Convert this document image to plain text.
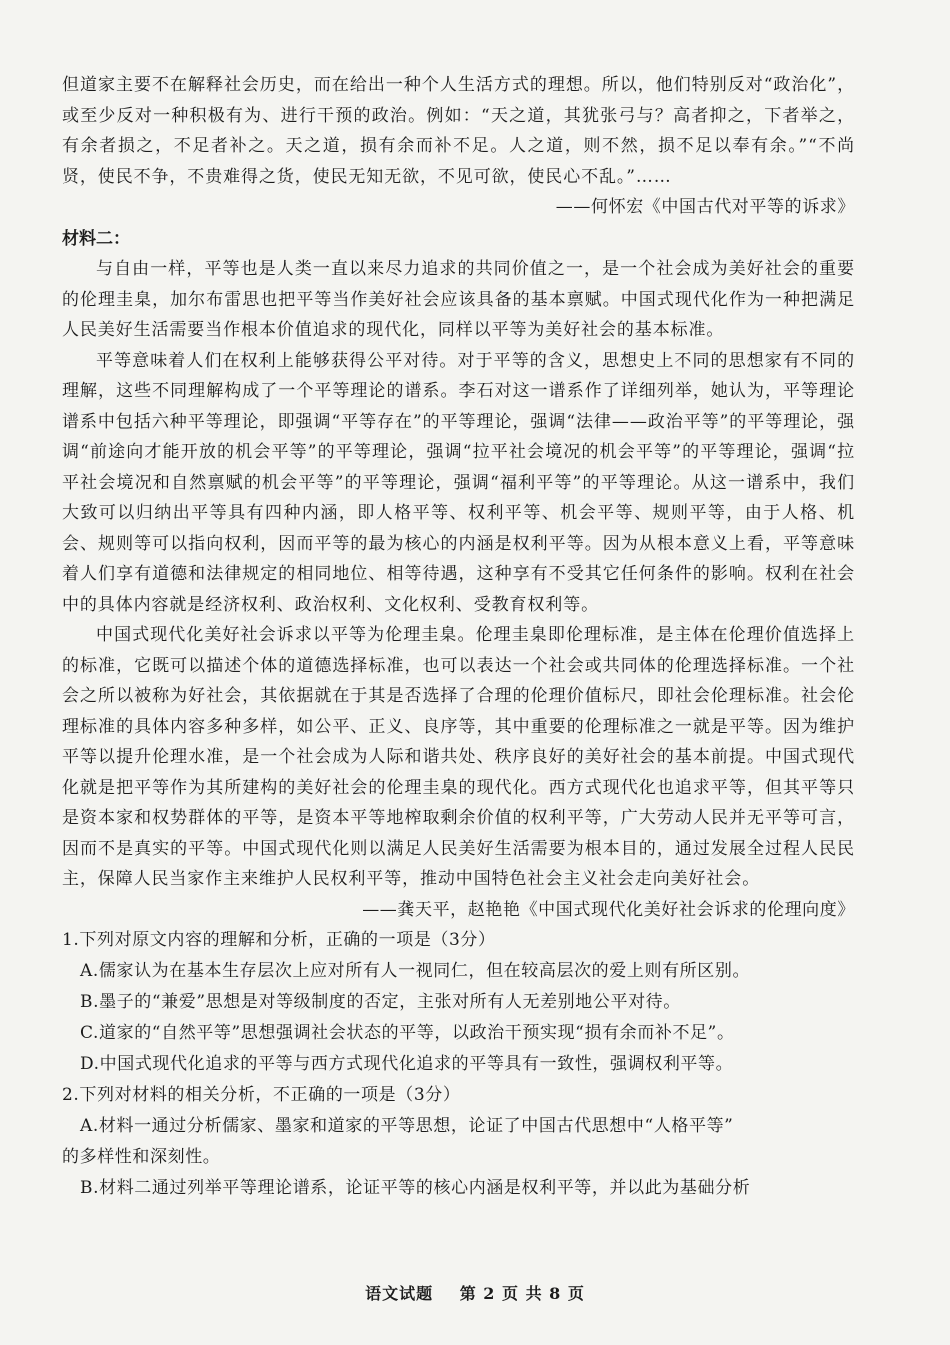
但道家主要不在解释社会历史，而在给出一种个人生活方式的理想。所以，他们特别反对“政治化”，或至少反对一种积极有为、进行干预的政治。例如：“天之道，其犹张弓与？高者抑之，下者举之，有余者损之，不足者补之。天之道，损有余而补不足。人之道，则不然，损不足以奉有余。”“不尚贤，使民不争，不贵难得之货，使民无知无欲，不见可欲，使民心不乱。”……

——何怀宏《中国古代对平等的诉求》
材料二：

与自由一样，平等也是人类一直以来尽力追求的共同价值之一，是一个社会成为美好社会的重要的伦理圭臬，加尔布雷思也把平等当作美好社会应该具备的基本禀赋。中国式现代化作为一种把满足人民美好生活需要当作根本价值追求的现代化，同样以平等为美好社会的基本标准。

平等意味着人们在权利上能够获得公平对待。对于平等的含义，思想史上不同的思想家有不同的理解，这些不同理解构成了一个平等理论的谱系。李石对这一谱系作了详细列举，她认为，平等理论谱系中包括六种平等理论，即强调“平等存在”的平等理论，强调“法律——政治平等”的平等理论，强调“前途向才能开放的机会平等”的平等理论，强调“拉平社会境况的机会平等”的平等理论，强调“拉平社会境况和自然禀赋的机会平等”的平等理论，强调“福利平等”的平等理论。从这一谱系中，我们大致可以归纳出平等具有四种内涵，即人格平等、权利平等、机会平等、规则平等，由于人格、机会、规则等可以指向权利，因而平等的最为核心的内涵是权利平等。因为从根本意义上看，平等意味着人们享有道德和法律规定的相同地位、相等待遇，这种享有不受其它任何条件的影响。权利在社会中的具体内容就是经济权利、政治权利、文化权利、受教育权利等。

中国式现代化美好社会诉求以平等为伦理圭臬。伦理圭臬即伦理标准，是主体在伦理价值选择上的标准，它既可以描述个体的道德选择标准，也可以表达一个社会或共同体的伦理选择标准。一个社会之所以被称为好社会，其依据就在于其是否选择了合理的伦理价值标尺，即社会伦理标准。社会伦理标准的具体内容多种多样，如公平、正义、良序等，其中重要的伦理标准之一就是平等。因为维护平等以提升伦理水准，是一个社会成为人际和谐共处、秩序良好的美好社会的基本前提。中国式现代化就是把平等作为其所建构的美好社会的伦理圭臬的现代化。西方式现代化也追求平等，但其平等只是资本家和权势群体的平等，是资本平等地榨取剩余价值的权利平等，广大劳动人民并无平等可言，因而不是真实的平等。中国式现代化则以满足人民美好生活需要为根本目的，通过发展全过程人民民主，保障人民当家作主来维护人民权利平等，推动中国特色社会主义社会走向美好社会。

——龚天平，赵艳艳《中国式现代化美好社会诉求的伦理向度》
1.下列对原文内容的理解和分析，正确的一项是（3分）
A.儒家认为在基本生存层次上应对所有人一视同仁，但在较高层次的爱上则有所区别。
B.墨子的“兼爱”思想是对等级制度的否定，主张对所有人无差别地公平对待。
C.道家的“自然平等”思想强调社会状态的平等，以政治干预实现“损有余而补不足”。
D.中国式现代化追求的平等与西方式现代化追求的平等具有一致性，强调权利平等。
2.下列对材料的相关分析，不正确的一项是（3分）
A.材料一通过分析儒家、墨家和道家的平等思想，论证了中国古代思想中“人格平等”
的多样性和深刻性。
B.材料二通过列举平等理论谱系，论证平等的核心内涵是权利平等，并以此为基础分析
语文试题 第 2 页 共 8 页
